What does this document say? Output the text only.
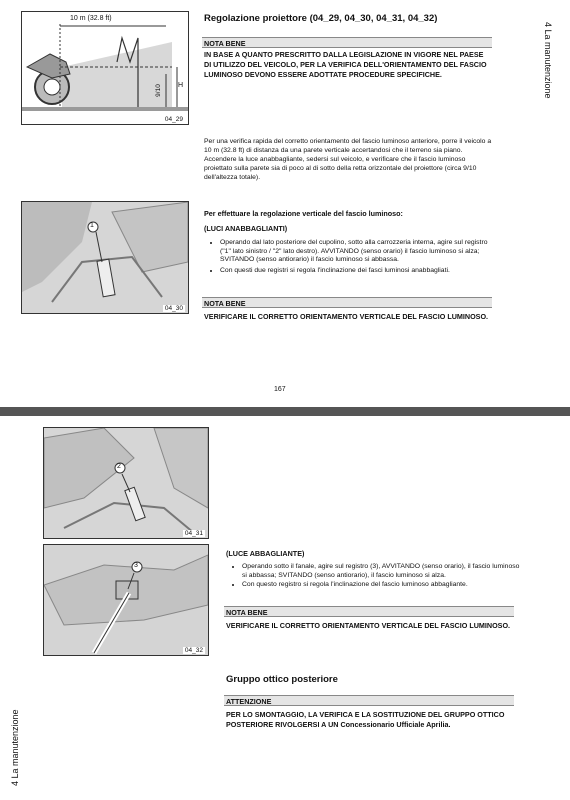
10 m (32.8 ft)
9/10 H
04_29
Regolazione proiettore (04_29, 04_30, 04_31, 04_32)
NOTA BENE
IN BASE A QUANTO PRESCRITTO DALLA LEGISLAZIONE IN VIGORE NEL PAESE DI UTILIZZO DEL VEICOLO, PER LA VERIFICA DELL'ORIENTAMENTO DEL FASCIO LUMINOSO DEVONO ESSERE ADOTTATE PROCEDURE SPECIFICHE.
Per una verifica rapida del corretto orientamento del fascio luminoso anteriore, porre il veicolo a 10 m (32.8 ft) di distanza da una parete verticale accertandosi che il terreno sia piano. Accendere la luce anabbagliante, sedersi sul veicolo, e verificare che il fascio luminoso proiettato sulla parete sia di poco al di sotto della retta orizzontale del proiettore (circa 9/10 dell'altezza totale).
1
04_30
Per effettuare la regolazione verticale del fascio luminoso:
(LUCI ANABBAGLIANTI)
• Operando dal lato posteriore del cupolino, sotto alla carrozzeria interna, agire sul registro ("1" lato sinistro / "2" lato destro). AVVITANDO (senso orario) il fascio luminoso si alza; SVITANDO (senso antiorario) il fascio luminoso si abbassa.
• Con questi due registri si regola l'inclinazione dei fasci luminosi anabbagliati.
NOTA BENE
VERIFICARE IL CORRETTO ORIENTAMENTO VERTICALE DEL FASCIO LUMINOSO.
167
4 La manutenzione
2
04_31
3
04_32
(LUCE ABBAGLIANTE)
• Operando sotto il fanale, agire sul registro (3), AVVITANDO (senso orario), il fascio luminoso si abbassa; SVITANDO (senso antiorario), il fascio luminoso si alza.
• Con questo registro si regola l'inclinazione del fascio luminoso abbagliante.
NOTA BENE
VERIFICARE IL CORRETTO ORIENTAMENTO VERTICALE DEL FASCIO LUMINOSO.
Gruppo ottico posteriore
ATTENZIONE
PER LO SMONTAGGIO, LA VERIFICA E LA SOSTITUZIONE DEL GRUPPO OTTICO POSTERIORE RIVOLGERSI A UN Concessionario Ufficiale Aprilia.
4 La manutenzione
